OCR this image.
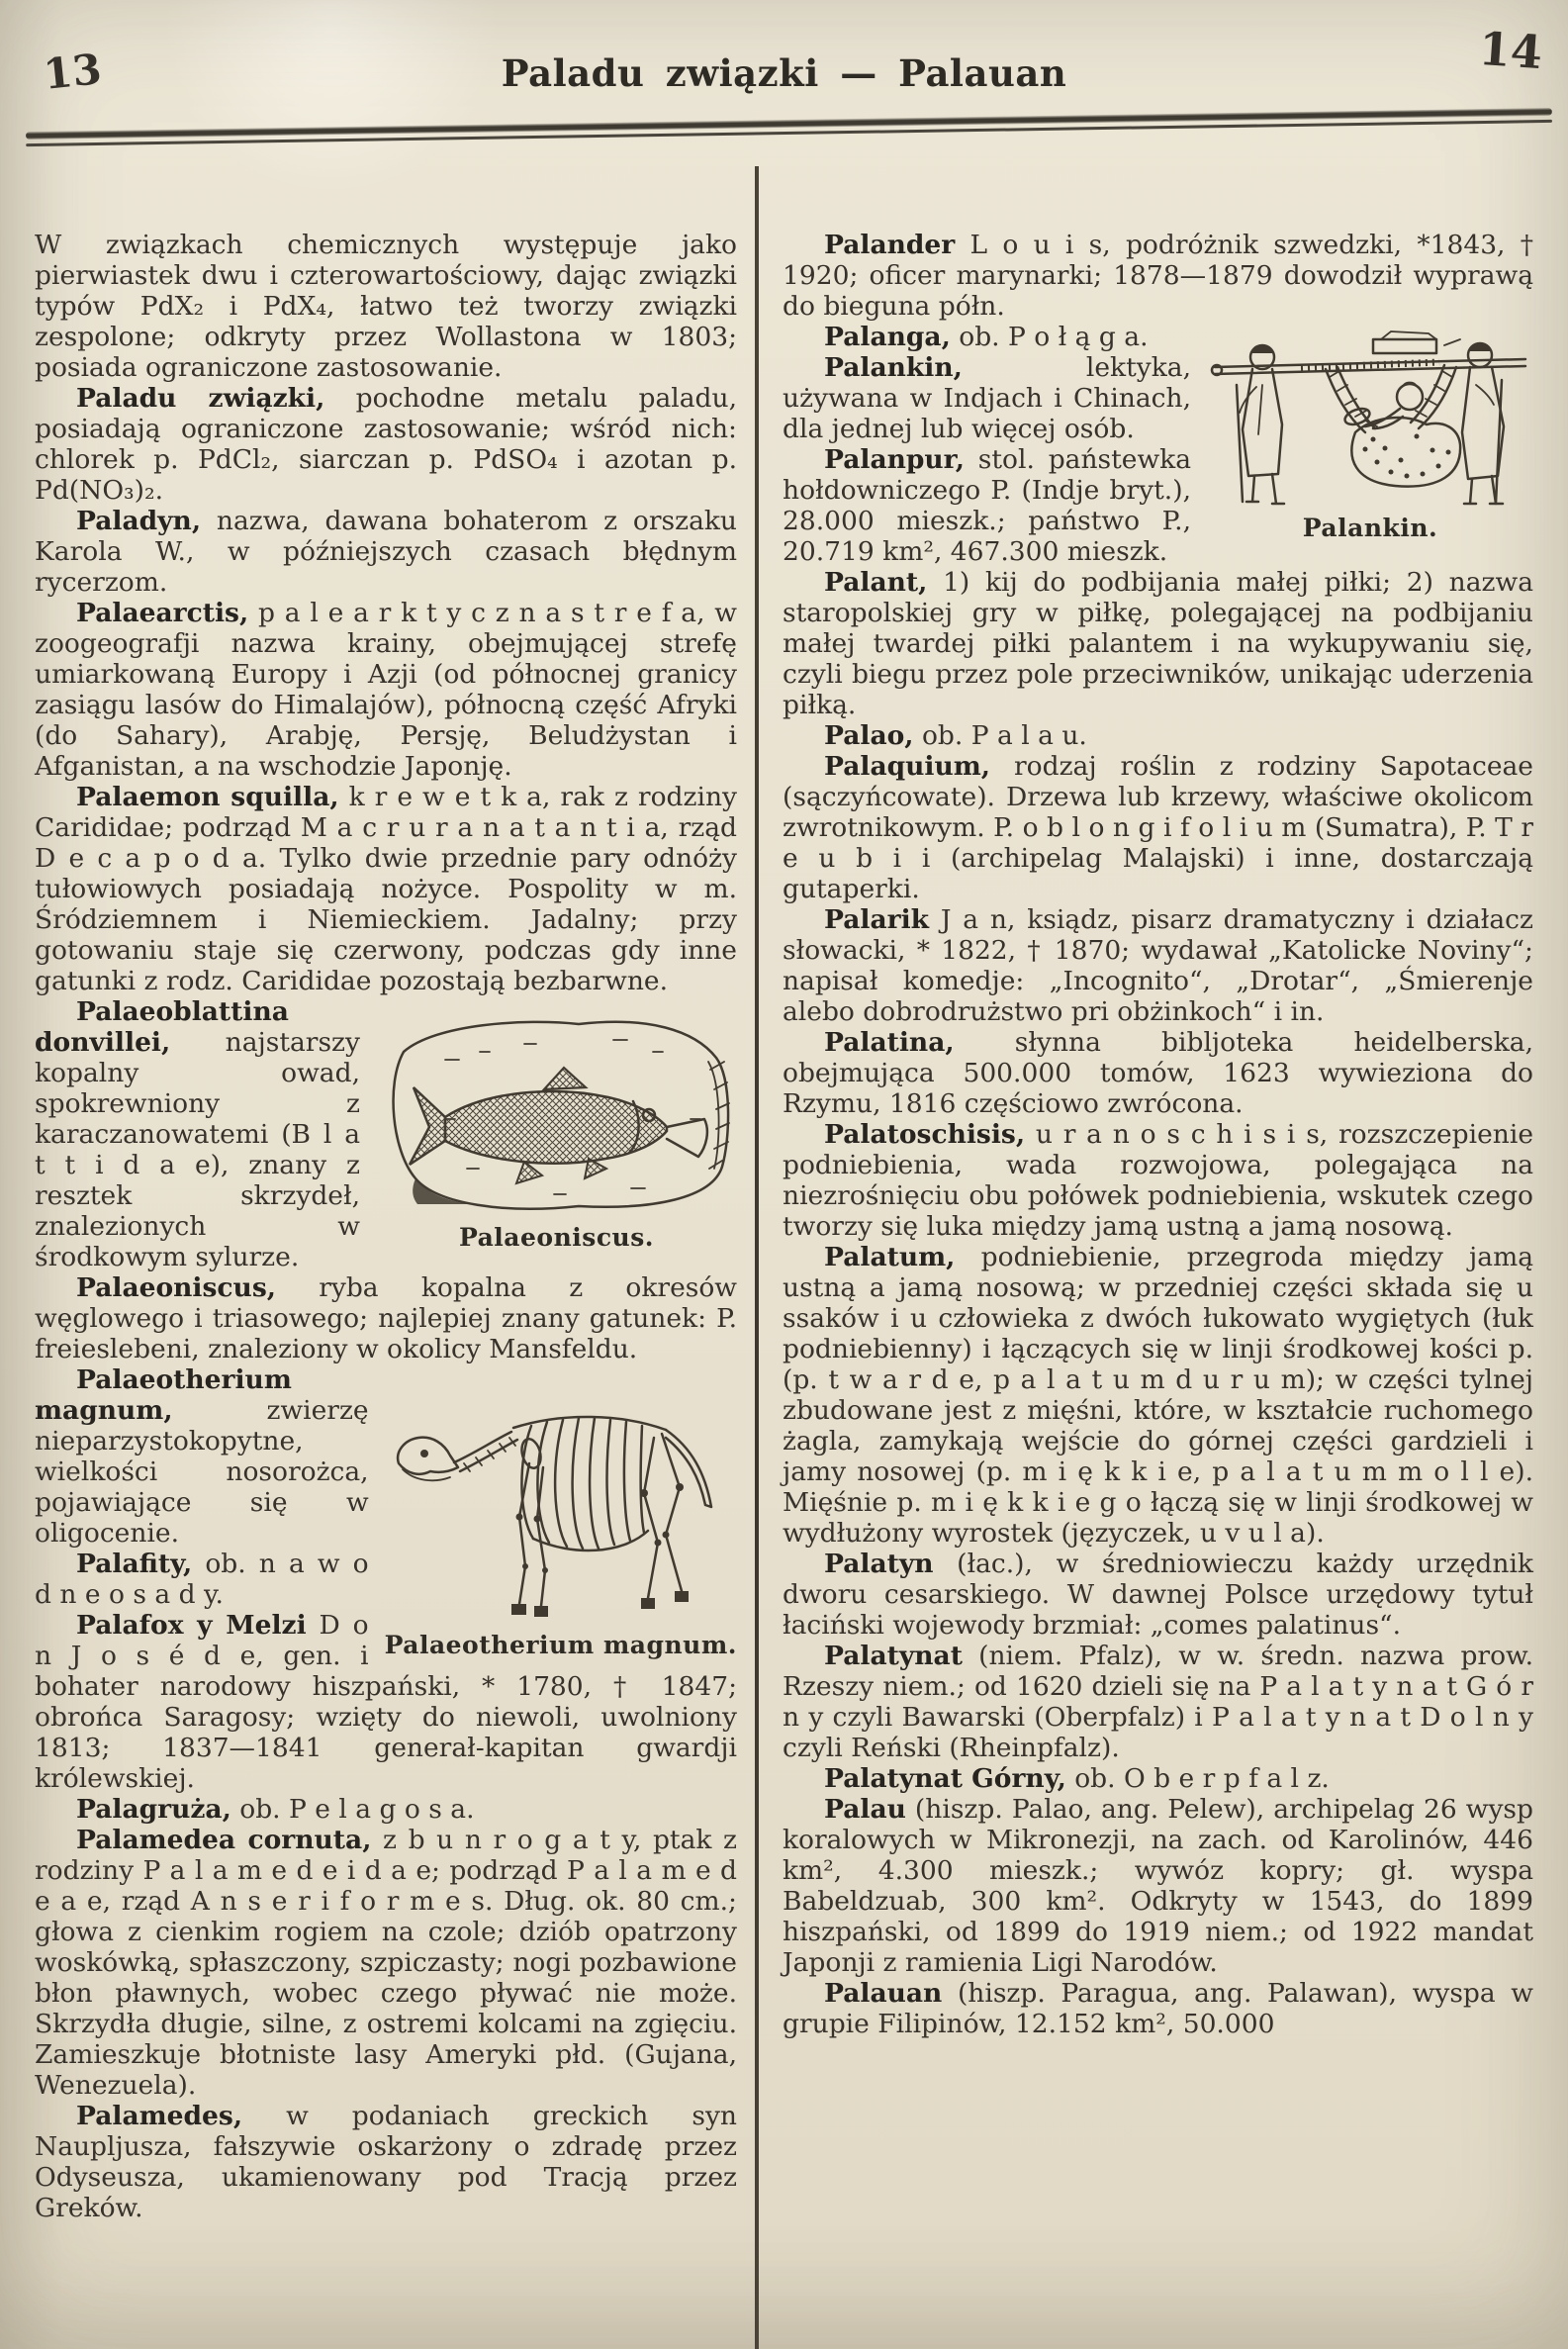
13	14
Paladu związki — Palauan

W związkach chemicznych występuje jako pierwiastek dwu i czterowartościowy, dając związki typów PdX₂ i PdX₄, łatwo też tworzy związki zespolone; odkryty przez Wollastona w 1803; posiada ograniczone zastosowanie.

Paladu związki, pochodne metalu paladu, posiadają ograniczone zastosowanie; wśród nich: chlorek p. PdCl₂, siarczan p. PdSO₄ i azotan p. Pd(NO₃)₂.

Paladyn, nazwa, dawana bohaterom z orszaku Karola W., w późniejszych czasach błędnym rycerzom.

Palaearctis, p a l e a r k t y c z n a s t r e f a, w zoogeografji nazwa krainy, obejmującej strefę umiarkowaną Europy i Azji (od północnej granicy zasiągu lasów do Himalajów), północną część Afryki (do Sahary), Arabję, Persję, Beludżystan i Afganistan, a na wschodzie Japonję.

Palaemon squilla, k r e w e t k a, rak z rodziny Carididae; podrząd M a c r u r a n a t a n t i a, rząd D e c a p o d a. Tylko dwie przednie pary odnóży tułowiowych posiadają nożyce. Pospolity w m. Śródziemnem i Niemieckiem. Jadalny; przy gotowaniu staje się czerwony, podczas gdy inne gatunki z rodz. Carididae pozostają bezbarwne.

Palaeoniscus.

Palaeoblattina donvillei, najstarszy kopalny owad, spokrewniony z karaczanowatemi (B l a t t i d a e), znany z resztek skrzydeł, znalezionych w środkowym sylurze.

Palaeoniscus, ryba kopalna z okresów węglowego i triasowego; najlepiej znany gatunek: P. freieslebeni, znaleziony w okolicy Mansfeldu.

Palaeotherium magnum.

Palaeotherium magnum, zwierzę nieparzystokopytne, wielkości nosorożca, pojawiające się w oligocenie.

Palafity, ob. n a w o d n e o s a d y.

Palafox y Melzi D o n J o s é d e, gen. i bohater narodowy hiszpański, * 1780, † 1847; obrońca Saragosy; wzięty do niewoli, uwolniony 1813; 1837—1841 generał-kapitan gwardji królewskiej.

Palagruża, ob. P e l a g o s a.

Palamedea cornuta, z b u n r o g a t y, ptak z rodziny P a l a m e d e i d a e; podrząd P a l a m e d e a e, rząd A n s e r i f o r m e s. Dług. ok. 80 cm.; głowa z cienkim rogiem na czole; dziób opatrzony woskówką, spłaszczony, szpiczasty; nogi pozbawione błon pławnych, wobec czego pływać nie może. Skrzydła długie, silne, z ostremi kolcami na zgięciu. Zamieszkuje błotniste lasy Ameryki płd. (Gujana, Wenezuela).

Palamedes, w podaniach greckich syn Naupljusza, fałszywie oskarżony o zdradę przez Odyseusza, ukamienowany pod Tracją przez Greków.

Palander L o u i s, podróżnik szwedzki, *1843, † 1920; oficer marynarki; 1878—1879 dowodził wyprawą do bieguna półn.

Palankin.

Palanga, ob. P o ł ą g a.

Palankin, lektyka, używana w Indjach i Chinach, dla jednej lub więcej osób.

Palanpur, stol. państewka hołdowniczego P. (Indje bryt.), 28.000 mieszk.; państwo P., 20.719 km², 467.300 mieszk.

Palant, 1) kij do podbijania małej piłki; 2) nazwa staropolskiej gry w piłkę, polegającej na podbijaniu małej twardej piłki palantem i na wykupywaniu się, czyli biegu przez pole przeciwników, unikając uderzenia piłką.

Palao, ob. P a l a u.

Palaquium, rodzaj roślin z rodziny Sapotaceae (sączyńcowate). Drzewa lub krzewy, właściwe okolicom zwrotnikowym. P. o b l o n g i f o l i u m (Sumatra), P. T r e u b i i (archipelag Malajski) i inne, dostarczają gutaperki.

Palarik J a n, ksiądz, pisarz dramatyczny i działacz słowacki, * 1822, † 1870; wydawał „Katolicke Noviny“; napisał komedje: „Incognito“, „Drotar“, „Śmierenje alebo dobrodrużstwo pri obżinkoch“ i in.

Palatina, słynna bibljoteka heidelberska, obejmująca 500.000 tomów, 1623 wywieziona do Rzymu, 1816 częściowo zwrócona.

Palatoschisis, u r a n o s c h i s i s, rozszczepienie podniebienia, wada rozwojowa, polegająca na niezrośnięciu obu połówek podniebienia, wskutek czego tworzy się luka między jamą ustną a jamą nosową.

Palatum, podniebienie, przegroda między jamą ustną a jamą nosową; w przedniej części składa się u ssaków i u człowieka z dwóch łukowato wygiętych (łuk podniebienny) i łączących się w linji środkowej kości p. (p. t w a r d e, p a l a t u m d u r u m); w części tylnej zbudowane jest z mięśni, które, w kształcie ruchomego żagla, zamykają wejście do górnej części gardzieli i jamy nosowej (p. m i ę k k i e, p a l a t u m m o l l e). Mięśnie p. m i ę k k i e g o łączą się w linji środkowej w wydłużony wyrostek (języczek, u v u l a).

Palatyn (łac.), w średniowieczu każdy urzędnik dworu cesarskiego. W dawnej Polsce urzędowy tytuł łaciński wojewody brzmiał: „comes palatinus“.

Palatynat (niem. Pfalz), w w. średn. nazwa prow. Rzeszy niem.; od 1620 dzieli się na P a l a t y n a t G ó r n y czyli Bawarski (Oberpfalz) i P a l a t y n a t D o l n y czyli Reński (Rheinpfalz).

Palatynat Górny, ob. O b e r p f a l z.

Palau (hiszp. Palao, ang. Pelew), archipelag 26 wysp koralowych w Mikronezji, na zach. od Karolinów, 446 km², 4.300 mieszk.; wywóz kopry; gł. wyspa Babeldzuab, 300 km². Odkryty w 1543, do 1899 hiszpański, od 1899 do 1919 niem.; od 1922 mandat Japonji z ramienia Ligi Narodów.

Palauan (hiszp. Paragua, ang. Palawan), wyspa w grupie Filipinów, 12.152 km², 50.000
